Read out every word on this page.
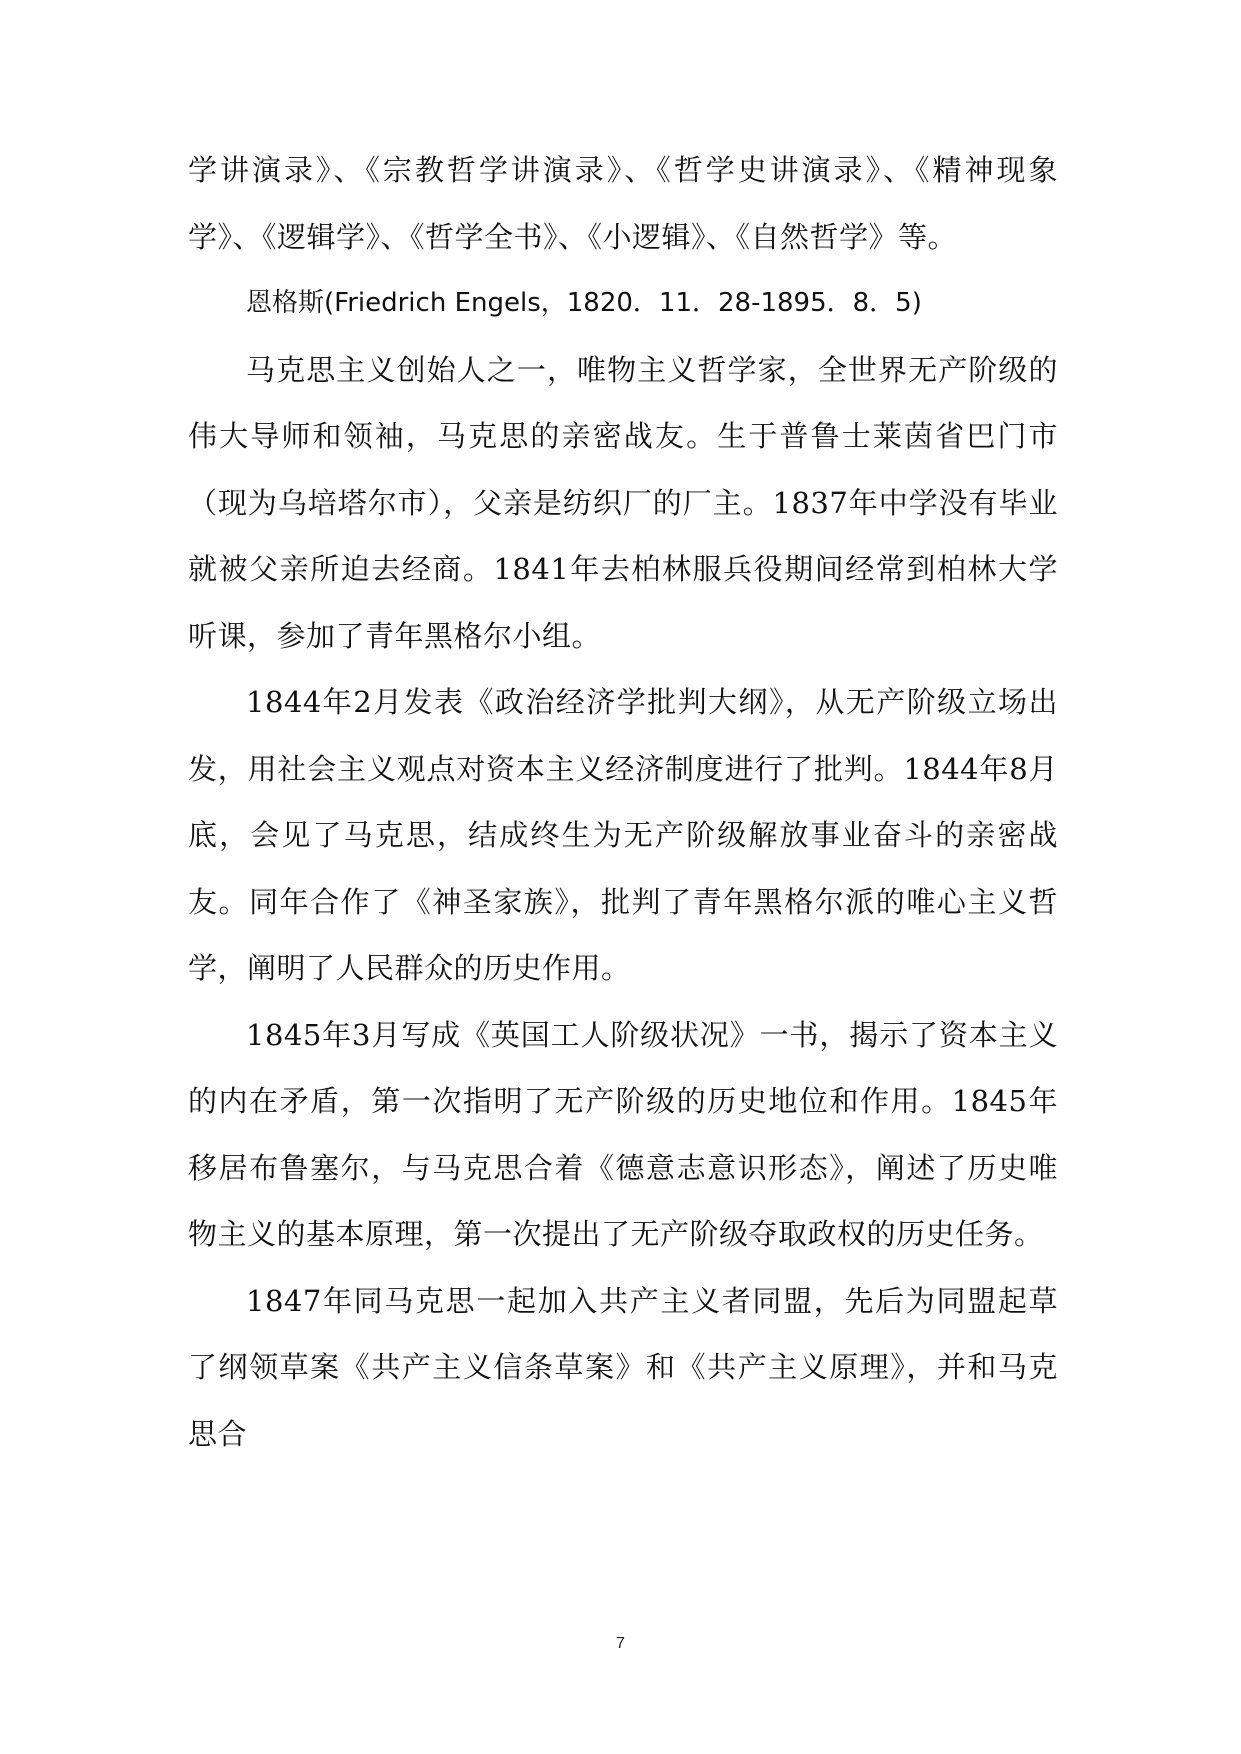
学讲演录》、《宗教哲学讲演录》、《哲学史讲演录》、《精神现象学》、《逻辑学》、《哲学全书》、《小逻辑》、《自然哲学》等。

恩格斯(Friedrich Engels，1820．11．28-1895．8．5)

马克思主义创始人之一，唯物主义哲学家，全世界无产阶级的伟大导师和领袖，马克思的亲密战友。生于普鲁士莱茵省巴门市（现为乌培塔尔市），父亲是纺织厂的厂主。1837年中学没有毕业就被父亲所迫去经商。1841年去柏林服兵役期间经常到柏林大学听课，参加了青年黑格尔小组。

1844年2月发表《政治经济学批判大纲》，从无产阶级立场出发，用社会主义观点对资本主义经济制度进行了批判。1844年8月底，会见了马克思，结成终生为无产阶级解放事业奋斗的亲密战友。同年合作了《神圣家族》，批判了青年黑格尔派的唯心主义哲学，阐明了人民群众的历史作用。

1845年3月写成《英国工人阶级状况》一书，揭示了资本主义的内在矛盾，第一次指明了无产阶级的历史地位和作用。1845年移居布鲁塞尔，与马克思合着《德意志意识形态》，阐述了历史唯物主义的基本原理，第一次提出了无产阶级夺取政权的历史任务。

1847年同马克思一起加入共产主义者同盟，先后为同盟起草了纲领草案《共产主义信条草案》和《共产主义原理》，并和马克思合

7
